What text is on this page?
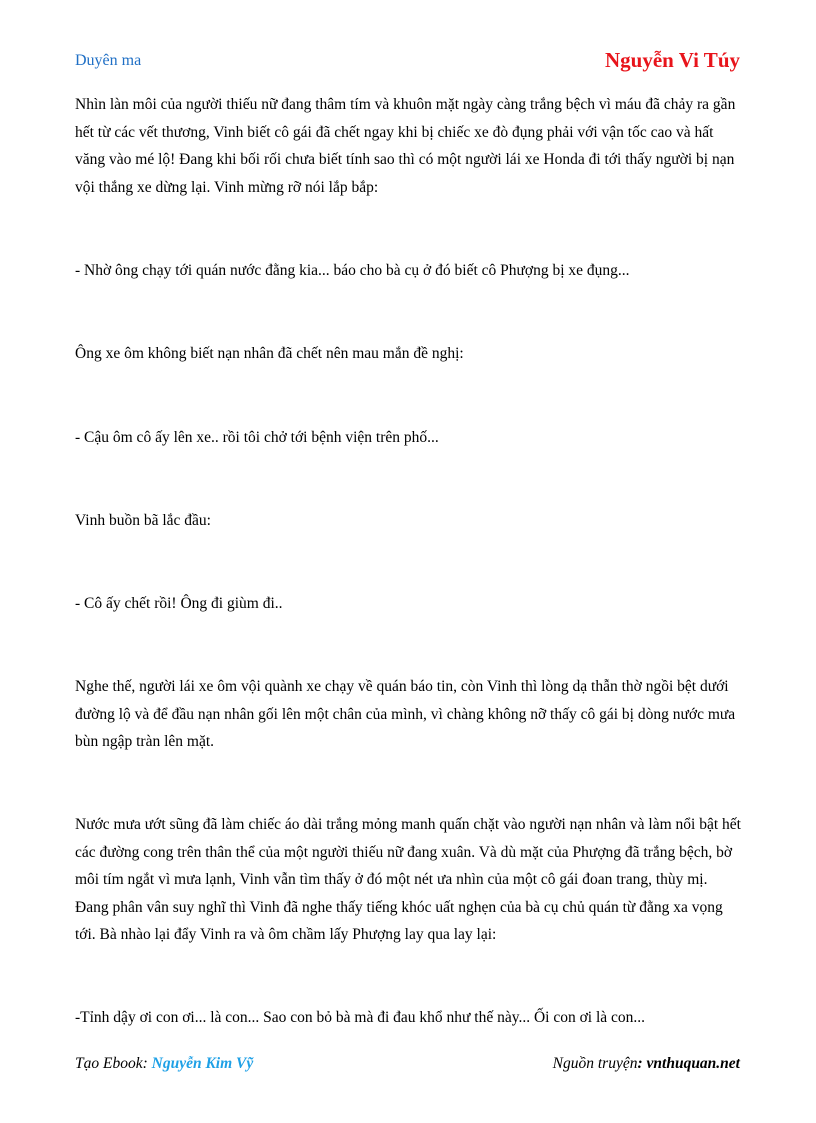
Duyên ma	Nguyễn Vi Túy

Nhìn làn môi của người thiếu nữ đang thâm tím và khuôn mặt ngày càng trắng bệch vì máu đã chảy ra gần hết từ các vết thương, Vinh biết cô gái đã chết ngay khi bị chiếc xe đò đụng phải với vận tốc cao và hất văng vào mé lộ! Đang khi bối rối chưa biết tính sao thì có một người lái xe Honda đi tới thấy người bị nạn vội thắng xe dừng lại. Vinh mừng rỡ nói lắp bắp:

- Nhờ ông chạy tới quán nước đằng kia... báo cho bà cụ ở đó biết cô Phượng bị xe đụng...

Ông xe ôm không biết nạn nhân đã chết nên mau mắn đề nghị:

- Cậu ôm cô ấy lên xe.. rồi tôi chở tới bệnh viện trên phố...

Vinh buồn bã lắc đầu:

- Cô ấy chết rồi! Ông đi giùm đi..

Nghe thế, người lái xe ôm vội quành xe chạy về quán báo tin, còn Vinh thì lòng dạ thẫn thờ ngồi bệt dưới đường lộ và để đầu nạn nhân gối lên một chân của mình, vì chàng không nỡ thấy cô gái bị dòng nước mưa bùn ngập tràn lên mặt.

Nước mưa ướt sũng đã làm chiếc áo dài trắng mỏng manh quấn chặt vào người nạn nhân và làm nổi bật hết các đường cong trên thân thể của một người thiếu nữ đang xuân. Và dù mặt của Phượng đã trắng bệch, bờ môi tím ngắt vì mưa lạnh, Vinh vẫn tìm thấy ở đó một nét ưa nhìn của một cô gái đoan trang, thùy mị. Đang phân vân suy nghĩ thì Vinh đã nghe thấy tiếng khóc uất nghẹn của bà cụ chủ quán từ đằng xa vọng tới. Bà nhào lại đẩy Vinh ra và ôm chầm lấy Phượng lay qua lay lại:

-Tỉnh dậy ơi con ơi... là con... Sao con bỏ bà mà đi đau khổ như thế này... Ối con ơi là con...

Tạo Ebook: Nguyễn Kim Vỹ	Nguồn truyện: vnthuquan.net
